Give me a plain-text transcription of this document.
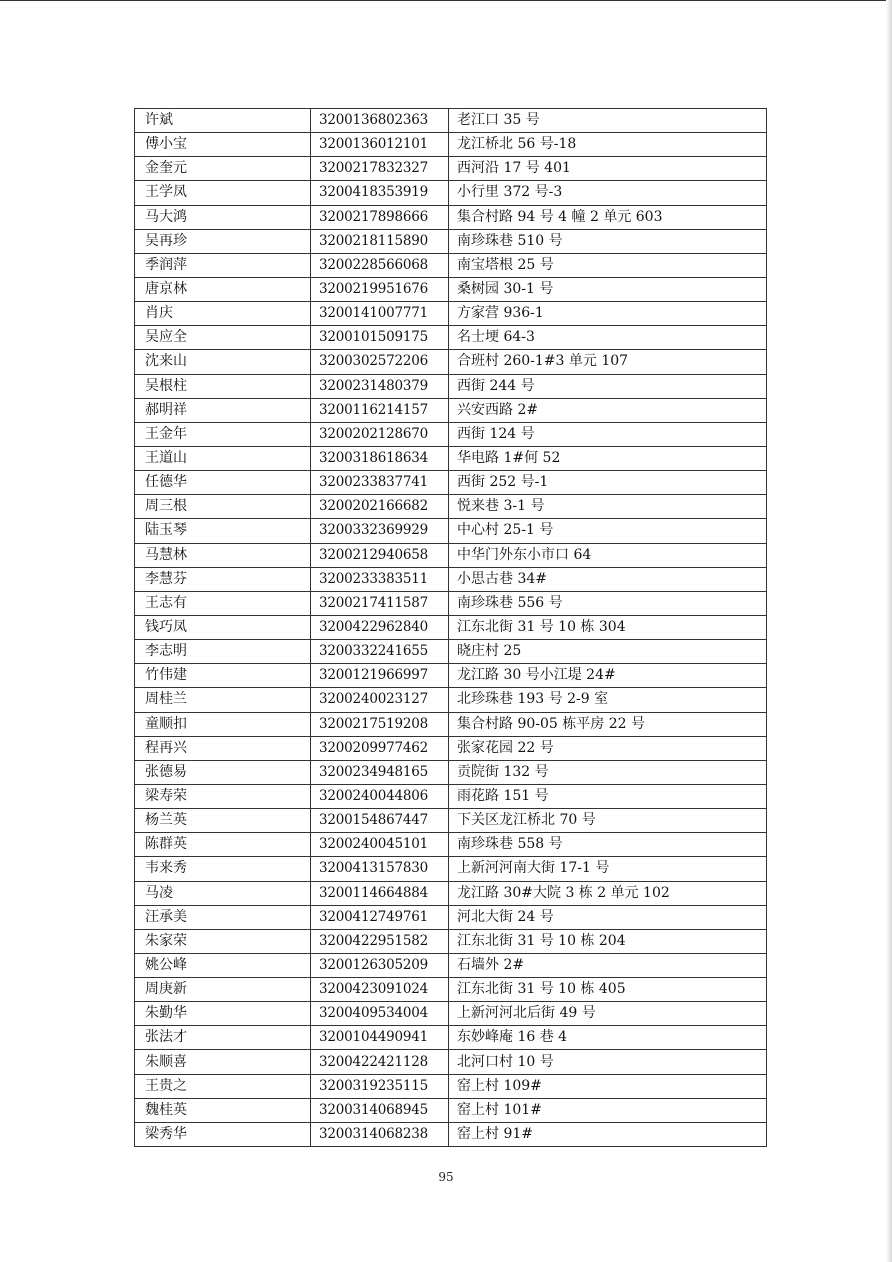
许斌	3200136802363	老江口 35 号
傅小宝	3200136012101	龙江桥北 56 号-18
金奎元	3200217832327	西河沿 17 号 401
王学凤	3200418353919	小行里 372 号-3
马大鸿	3200217898666	集合村路 94 号 4 幢 2 单元 603
吴再珍	3200218115890	南珍珠巷 510 号
季润萍	3200228566068	南宝塔根 25 号
唐京林	3200219951676	桑树园 30-1 号
肖庆	3200141007771	方家营 936-1
吴应全	3200101509175	名士埂 64-3
沈来山	3200302572206	合班村 260-1#3 单元 107
吴根柱	3200231480379	西街 244 号
郝明祥	3200116214157	兴安西路 2#
王金年	3200202128670	西街 124 号
王道山	3200318618634	华电路 1#何 52
任德华	3200233837741	西街 252 号-1
周三根	3200202166682	悦来巷 3-1 号
陆玉琴	3200332369929	中心村 25-1 号
马慧林	3200212940658	中华门外东小市口 64
李慧芬	3200233383511	小思古巷 34#
王志有	3200217411587	南珍珠巷 556 号
钱巧凤	3200422962840	江东北街 31 号 10 栋 304
李志明	3200332241655	晓庄村 25
竹伟建	3200121966997	龙江路 30 号小江堤 24#
周桂兰	3200240023127	北珍珠巷 193 号 2-9 室
童顺扣	3200217519208	集合村路 90-05 栋平房 22 号
程再兴	3200209977462	张家花园 22 号
张德易	3200234948165	贡院街 132 号
梁寿荣	3200240044806	雨花路 151 号
杨兰英	3200154867447	下关区龙江桥北 70 号
陈群英	3200240045101	南珍珠巷 558 号
韦来秀	3200413157830	上新河河南大街 17-1 号
马凌	3200114664884	龙江路 30#大院 3 栋 2 单元 102
汪承美	3200412749761	河北大街 24 号
朱家荣	3200422951582	江东北街 31 号 10 栋 204
姚公峰	3200126305209	石墙外 2#
周庚新	3200423091024	江东北街 31 号 10 栋 405
朱勤华	3200409534004	上新河河北后街 49 号
张法才	3200104490941	东妙峰庵 16 巷 4
朱顺喜	3200422421128	北河口村 10 号
王贵之	3200319235115	窑上村 109#
魏桂英	3200314068945	窑上村 101#
梁秀华	3200314068238	窑上村 91#
95
